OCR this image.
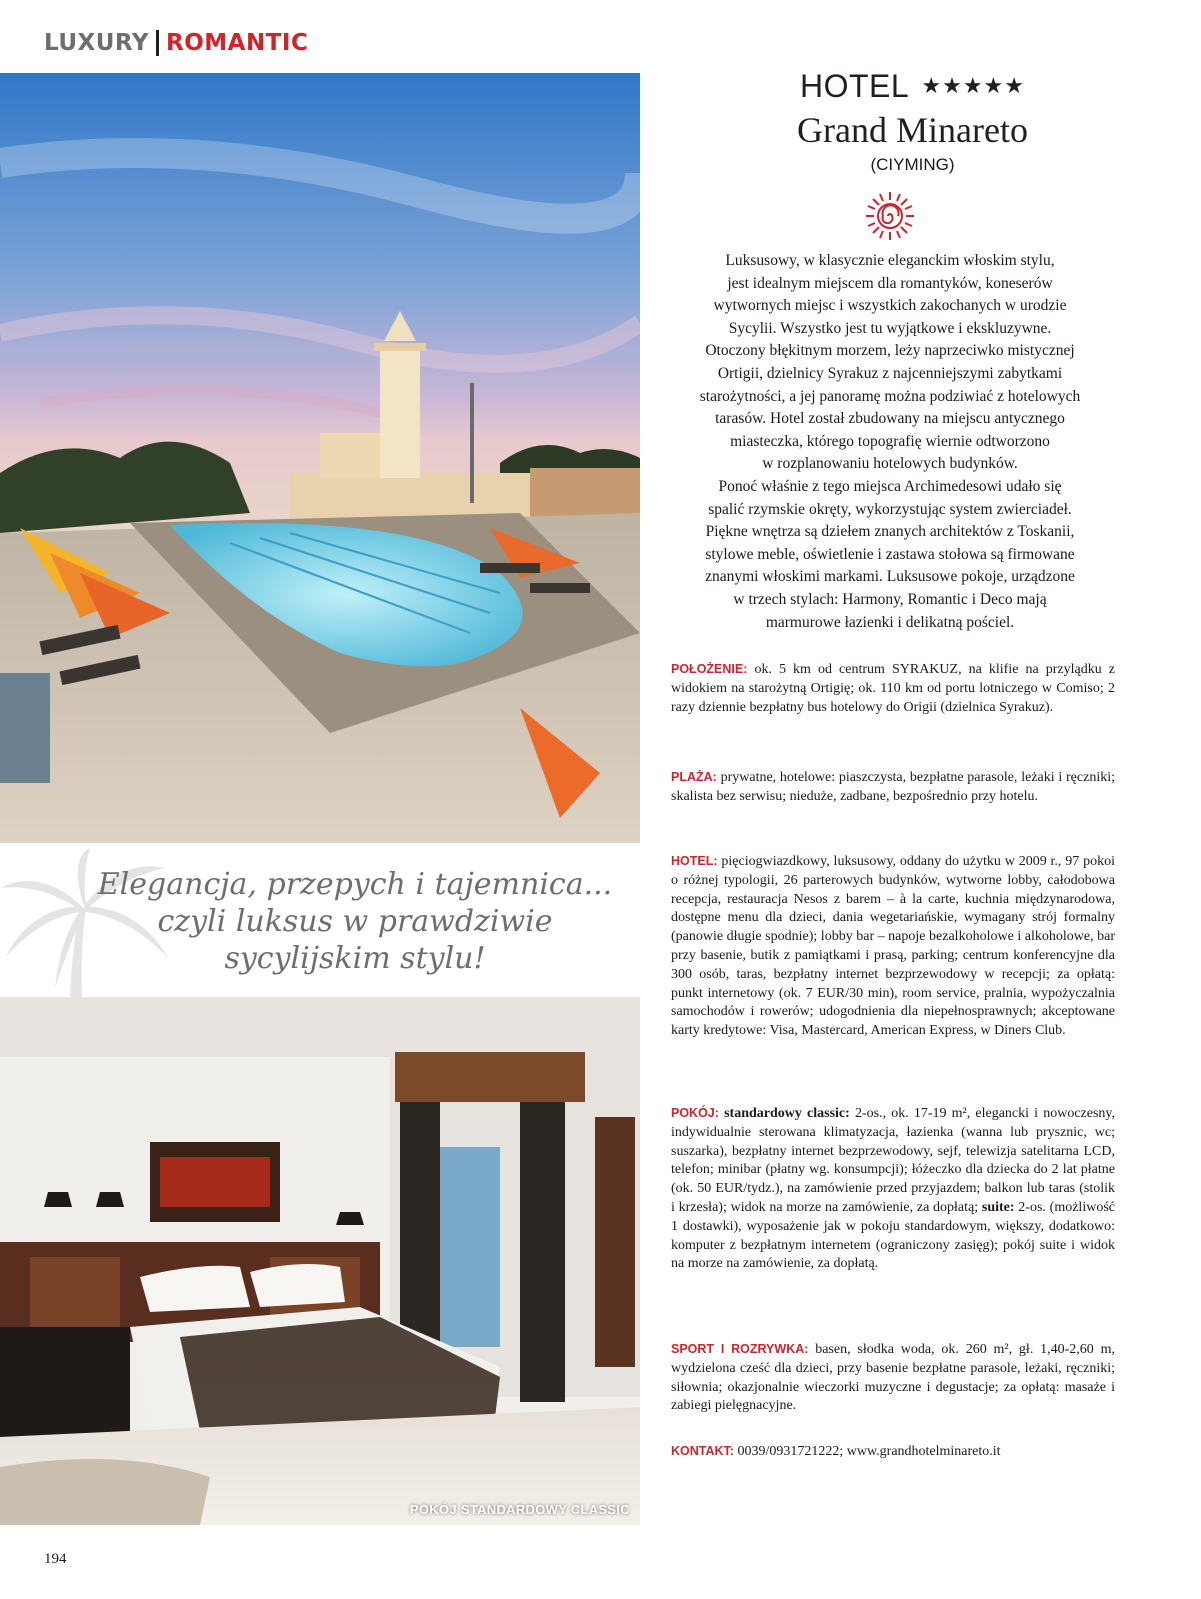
LUXURY ROMANTIC
HOTEL ★★★★★
Grand Minareto
(CIYMING)

Luksusowy, w klasycznie eleganckim włoskim stylu,

jest idealnym miejscem dla romantyków, koneserów

wytwornych miejsc i wszystkich zakochanych w urodzie

Sycylii. Wszystko jest tu wyjątkowe i ekskluzywne.

Otoczony błękitnym morzem, leży naprzeciwko mistycznej

Ortigii, dzielnicy Syrakuz z najcenniejszymi zabytkami

starożytności, a jej panoramę można podziwiać z hotelowych

tarasów. Hotel został zbudowany na miejscu antycznego

miasteczka, którego topografię wiernie odtworzono

w rozplanowaniu hotelowych budynków.

Ponoć właśnie z tego miejsca Archimedesowi udało się

spalić rzymskie okręty, wykorzystując system zwierciadeł.

Piękne wnętrza są dziełem znanych architektów z Toskanii,

stylowe meble, oświetlenie i zastawa stołowa są firmowane

znanymi włoskimi markami. Luksusowe pokoje, urządzone

w trzech stylach: Harmony, Romantic i Deco mają

marmurowe łazienki i delikatną pościel.

POŁOŻENIE: ok. 5 km od centrum SYRAKUZ, na klifie na przylądku z widokiem na starożytną Ortigię; ok. 110 km od portu lotniczego w Comiso; 2 razy dziennie bezpłatny bus hotelowy do Origii (dzielnica Syrakuz).
PLAŻA: prywatne, hotelowe: piaszczysta, bezpłatne parasole, leżaki i ręczniki; skalista bez serwisu; nieduże, zadbane, bezpośrednio przy hotelu.
HOTEL: pięciogwiazdkowy, luksusowy, oddany do użytku w 2009 r., 97 pokoi o różnej typologii, 26 parterowych budynków, wytworne lobby, całodobowa recepcja, restauracja Nesos z barem – à la carte, kuchnia międzynarodowa, dostępne menu dla dzieci, dania wegetariańskie, wymagany strój formalny (panowie długie spodnie); lobby bar – napoje bezalkoholowe i alkoholowe, bar przy basenie, butik z pamiątkami i prasą, parking; centrum konferencyjne dla 300 osób, taras, bezpłatny internet bezprzewodowy w recepcji; za opłatą: punkt internetowy (ok. 7 EUR/30 min), room service, pralnia, wypożyczalnia samochodów i rowerów; udogodnienia dla niepełnosprawnych; akceptowane karty kredytowe: Visa, Mastercard, American Express, w Diners Club.
POKÓJ: standardowy classic: 2-os., ok. 17-19 m², elegancki i nowoczesny, indywidualnie sterowana klimatyzacja, łazienka (wanna lub prysznic, wc; suszarka), bezpłatny internet bezprzewodowy, sejf, telewizja satelitarna LCD, telefon; minibar (płatny wg. konsumpcji); łóżeczko dla dziecka do 2 lat płatne (ok. 50 EUR/tydz.), na zamówienie przed przyjazdem; balkon lub taras (stolik i krzesła); widok na morze na zamówienie, za dopłatą; suite: 2-os. (możliwość 1 dostawki), wyposażenie jak w pokoju standardowym, większy, dodatkowo: komputer z bezpłatnym internetem (ograniczony zasięg); pokój suite i widok na morze na zamówienie, za dopłatą.
SPORT I ROZRYWKA: basen, słodka woda, ok. 260 m², gł. 1,40-2,60 m, wydzielona cześć dla dzieci, przy basenie bezpłatne parasole, leżaki, ręczniki; siłownia; okazjonalnie wieczorki muzyczne i degustacje; za opłatą: masaże i zabiegi pielęgnacyjne.
KONTAKT: 0039/0931721222; www.grandhotelminareto.it
Elegancja, przepych i tajemnica...
czyli luksus w prawdziwie
sycylijskim stylu!
POKÓJ STANDARDOWY CLASSIC
194
